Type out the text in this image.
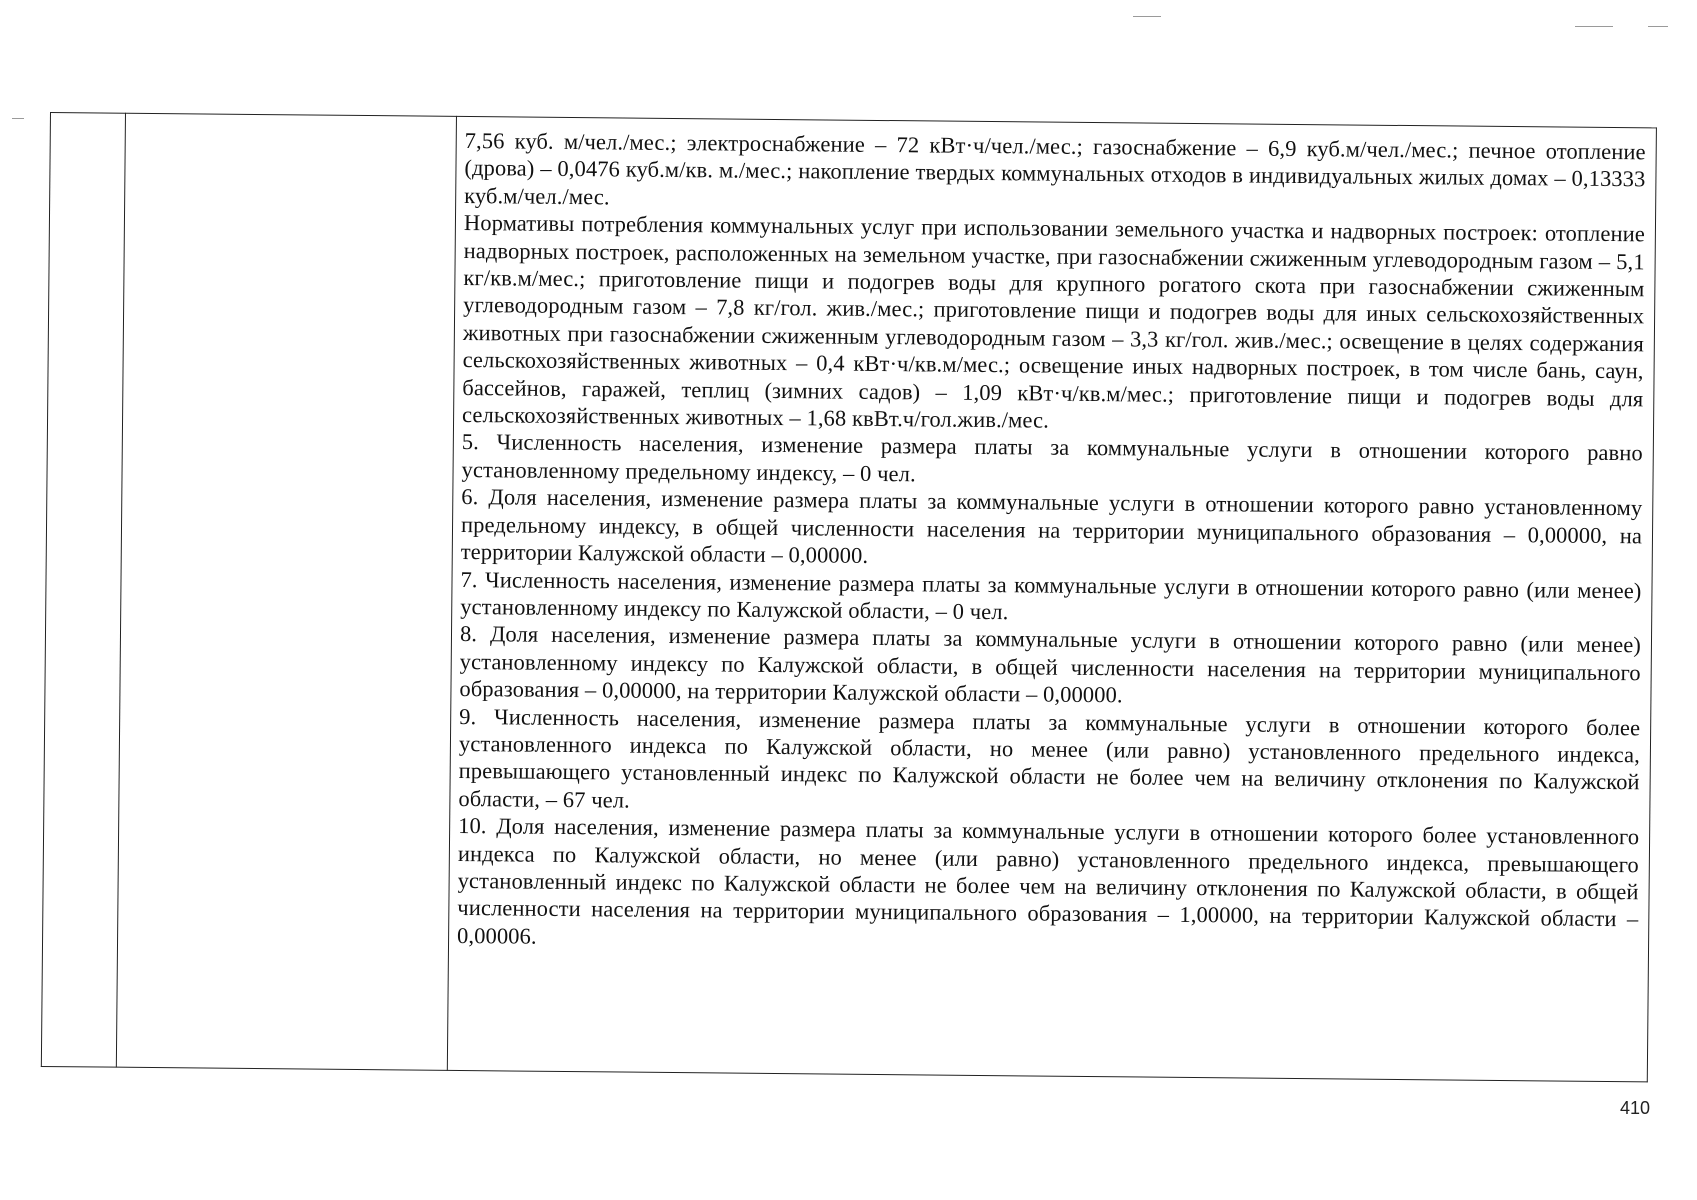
7,56 куб. м/чел./мес.; электроснабжение – 72 кВт·ч/чел./мес.; газоснабжение – 6,9 куб.м/чел./мес.; печное отопление (дрова) – 0,0476 куб.м/кв. м./мес.; накопление твердых коммунальных отходов в индивидуальных жилых домах – 0,13333 куб.м/чел./мес.

Нормативы потребления коммунальных услуг при использовании земельного участка и надворных построек: отопление надворных построек, расположенных на земельном участке, при газоснабжении сжиженным углеводородным газом – 5,1 кг/кв.м/мес.; приготовление пищи и подогрев воды для крупного рогатого скота при газоснабжении сжиженным углеводородным газом – 7,8 кг/гол. жив./мес.; приготовление пищи и подогрев воды для иных сельскохозяйственных животных при газоснабжении сжиженным углеводородным газом – 3,3 кг/гол. жив./мес.; освещение в целях содержания сельскохозяйственных животных – 0,4 кВт·ч/кв.м/мес.; освещение иных надворных построек, в том числе бань, саун, бассейнов, гаражей, теплиц (зимних садов) – 1,09 кВт·ч/кв.м/мес.; приготовление пищи и подогрев воды для сельскохозяйственных животных – 1,68 квВт.ч/гол.жив./мес.

5. Численность населения, изменение размера платы за коммунальные услуги в отношении которого равно установленному предельному индексу, – 0 чел.

6. Доля населения, изменение размера платы за коммунальные услуги в отношении которого равно установленному предельному индексу, в общей численности населения на территории муниципального образования – 0,00000, на территории Калужской области – 0,00000.

7. Численность населения, изменение размера платы за коммунальные услуги в отношении которого равно (или менее) установленному индексу по Калужской области, – 0 чел.

8. Доля населения, изменение размера платы за коммунальные услуги в отношении которого равно (или менее) установленному индексу по Калужской области, в общей численности населения на территории муниципального образования – 0,00000, на территории Калужской области – 0,00000.

9. Численность населения, изменение размера платы за коммунальные услуги в отношении которого более установленного индекса по Калужской области, но менее (или равно) установленного предельного индекса, превышающего установленный индекс по Калужской области не более чем на величину отклонения по Калужской области, – 67 чел.

10. Доля населения, изменение размера платы за коммунальные услуги в отношении которого более установленного индекса по Калужской области, но менее (или равно) установленного предельного индекса, превышающего установленный индекс по Калужской области не более чем на величину отклонения по Калужской области, в общей численности населения на территории муниципального образования – 1,00000, на территории Калужской области – 0,00006.

410
